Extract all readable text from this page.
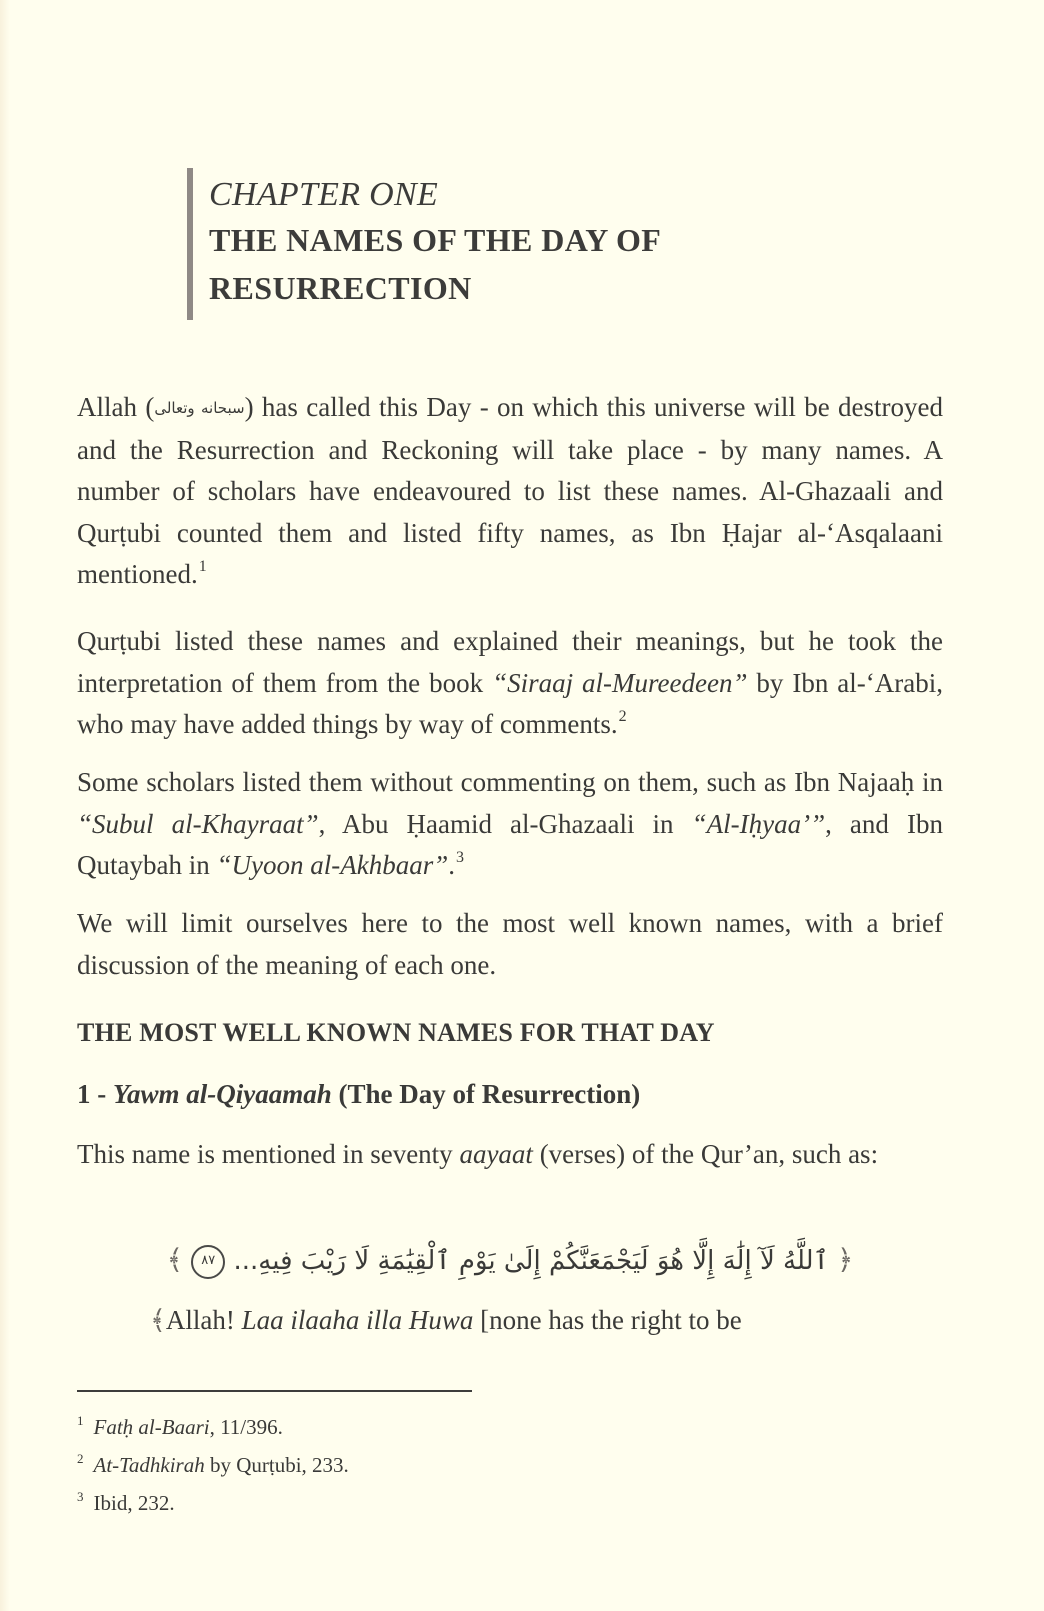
CHAPTER ONE
THE NAMES OF THE DAY OF
RESURRECTION

Allah (سبحانه وتعالى) has called this Day - on which this universe will be destroyed and the Resurrection and Reckoning will take place - by many names. A number of scholars have endeavoured to list these names. Al-Ghazaali and Qurṭubi counted them and listed fifty names, as Ibn Ḥajar al-‘Asqalaani mentioned.$^1$

Qurṭubi listed these names and explained their meanings, but he took the interpretation of them from the book “Siraaj al-Mureedeen” by Ibn al-‘Arabi, who may have added things by way of comments.$^2$

Some scholars listed them without commenting on them, such as Ibn Najaaḥ in “Subul al-Khayraat”, Abu Ḥaamid al-Ghazaali in “Al-Iḥyaa’”, and Ibn Qutaybah in “Uyoon al-Akhbaar”.$^3$

We will limit ourselves here to the most well known names, with a brief discussion of the meaning of each one.

THE MOST WELL KNOWN NAMES FOR THAT DAY
1 - Yawm al-Qiyaamah (The Day of Resurrection)

This name is mentioned in seventy aayaat (verses) of the Qur’an, such as:

﴿ ٱللَّهُ لَآ إِلَٰهَ إِلَّا هُوَ لَيَجْمَعَنَّكُمْ إِلَىٰ يَوْمِ ٱلْقِيَٰمَةِ لَا رَيْبَ فِيهِ... ٨٧ ﴾
﴾Allah! Laa ilaaha illa Huwa [none has the right to be
$^1$ Fatḥ al-Baari, 11/396.
$^2$ At-Tadhkirah by Qurṭubi, 233.
$^3$ Ibid, 232.
